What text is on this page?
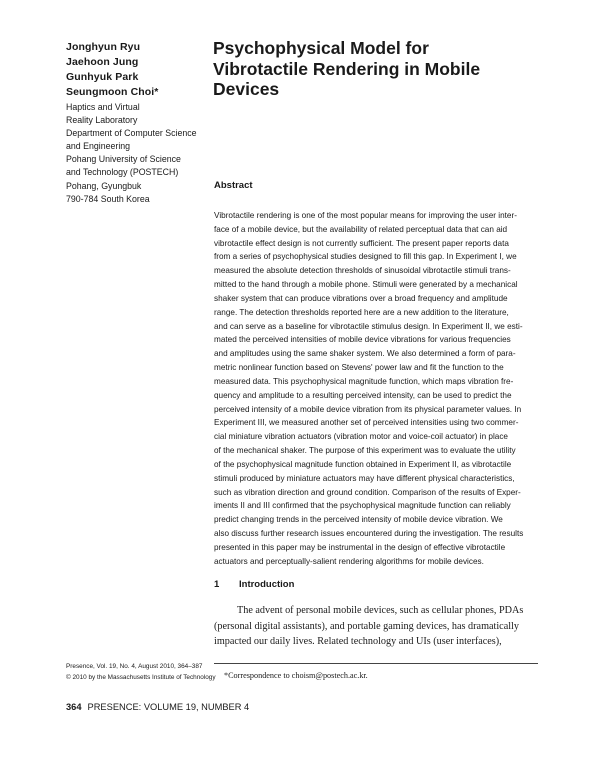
Jonghyun Ryu
Jaehoon Jung
Gunhyuk Park
Seungmoon Choi*
Haptics and Virtual
Reality Laboratory
Department of Computer Science
and Engineering
Pohang University of Science
and Technology (POSTECH)
Pohang, Gyungbuk
790-784 South Korea
Psychophysical Model for
Vibrotactile Rendering in Mobile
Devices
Abstract
Vibrotactile rendering is one of the most popular means for improving the user inter-
face of a mobile device, but the availability of related perceptual data that can aid
vibrotactile effect design is not currently sufficient. The present paper reports data
from a series of psychophysical studies designed to fill this gap. In Experiment I, we
measured the absolute detection thresholds of sinusoidal vibrotactile stimuli trans-
mitted to the hand through a mobile phone. Stimuli were generated by a mechanical
shaker system that can produce vibrations over a broad frequency and amplitude
range. The detection thresholds reported here are a new addition to the literature,
and can serve as a baseline for vibrotactile stimulus design. In Experiment II, we esti-
mated the perceived intensities of mobile device vibrations for various frequencies
and amplitudes using the same shaker system. We also determined a form of para-
metric nonlinear function based on Stevens' power law and fit the function to the
measured data. This psychophysical magnitude function, which maps vibration fre-
quency and amplitude to a resulting perceived intensity, can be used to predict the
perceived intensity of a mobile device vibration from its physical parameter values. In
Experiment III, we measured another set of perceived intensities using two commer-
cial miniature vibration actuators (vibration motor and voice-coil actuator) in place
of the mechanical shaker. The purpose of this experiment was to evaluate the utility
of the psychophysical magnitude function obtained in Experiment II, as vibrotactile
stimuli produced by miniature actuators may have different physical characteristics,
such as vibration direction and ground condition. Comparison of the results of Exper-
iments II and III confirmed that the psychophysical magnitude function can reliably
predict changing trends in the perceived intensity of mobile device vibration. We
also discuss further research issues encountered during the investigation. The results
presented in this paper may be instrumental in the design of effective vibrotactile
actuators and perceptually-salient rendering algorithms for mobile devices.
1 Introduction
The advent of personal mobile devices, such as cellular phones, PDAs
(personal digital assistants), and portable gaming devices, has dramatically
impacted our daily lives. Related technology and UIs (user interfaces),
Presence, Vol. 19, No. 4, August 2010, 364–387
© 2010 by the Massachusetts Institute of Technology *Correspondence to choism@postech.ac.kr.
364 PRESENCE: VOLUME 19, NUMBER 4
